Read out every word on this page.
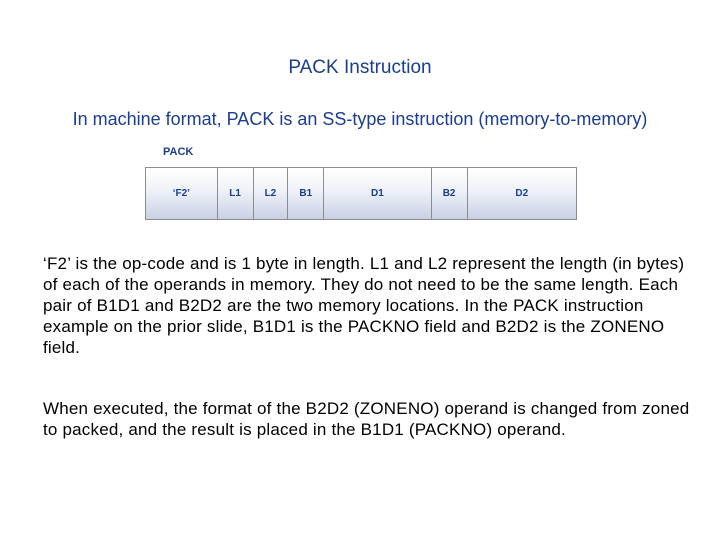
PACK Instruction
In machine format, PACK is an SS-type instruction (memory-to-memory)
PACK
‘F2’	L1	L2	B1	D1	B2	D2

‘F2’ is the op-code and is 1 byte in length. L1 and L2 represent the length (in bytes) of each of the operands in memory. They do not need to be the same length. Each pair of B1D1 and B2D2 are the two memory locations. In the PACK instruction example on the prior slide, B1D1 is the PACKNO field and B2D2 is the ZONENO field.

When executed, the format of the B2D2 (ZONENO) operand is changed from zoned to packed, and the result is placed in the B1D1 (PACKNO) operand.
